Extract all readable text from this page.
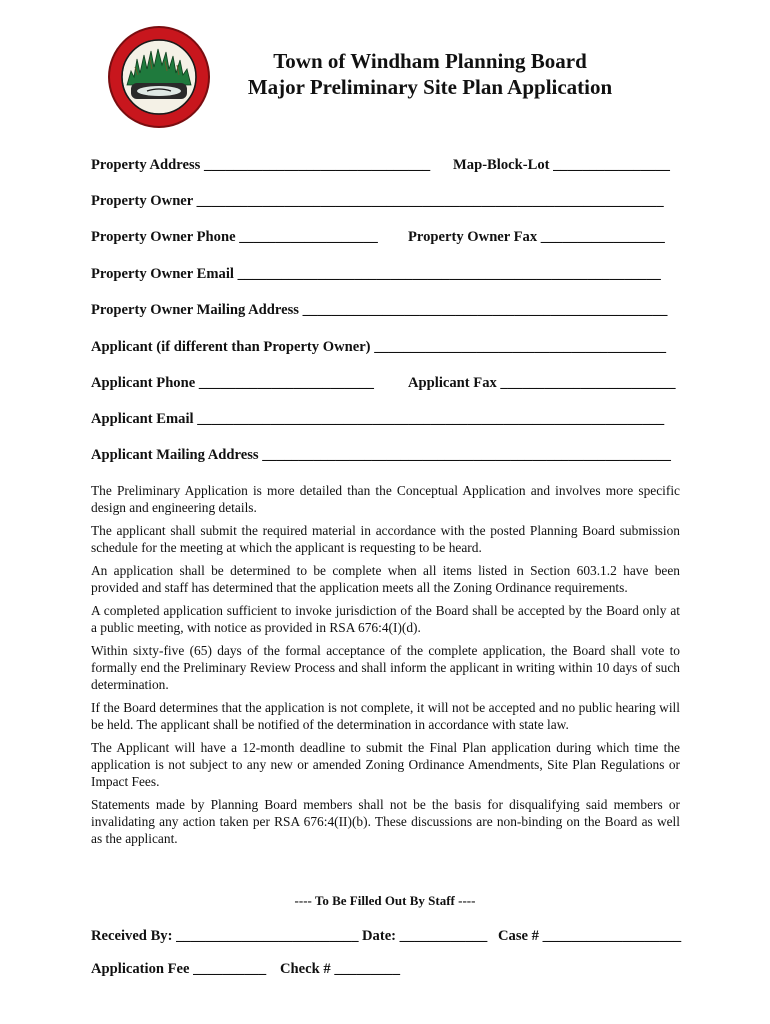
Town of Windham Planning Board
Major Preliminary Site Plan Application
Property Address _______________________________ Map-Block-Lot ________________
Property Owner ________________________________________________________________
Property Owner Phone ___________________ Property Owner Fax _________________
Property Owner Email __________________________________________________________
Property Owner Mailing Address __________________________________________________
Applicant (if different than Property Owner) ________________________________________
Applicant Phone ________________________ Applicant Fax ________________________
Applicant Email ________________________________________________________________
Applicant Mailing Address ________________________________________________________

The Preliminary Application is more detailed than the Conceptual Application and involves more specific design and engineering details.

The applicant shall submit the required material in accordance with the posted Planning Board submission schedule for the meeting at which the applicant is requesting to be heard.

An application shall be determined to be complete when all items listed in Section 603.1.2 have been provided and staff has determined that the application meets all the Zoning Ordinance requirements.

A completed application sufficient to invoke jurisdiction of the Board shall be accepted by the Board only at a public meeting, with notice as provided in RSA 676:4(I)(d).

Within sixty-five (65) days of the formal acceptance of the complete application, the Board shall vote to formally end the Preliminary Review Process and shall inform the applicant in writing within 10 days of such determination.

If the Board determines that the application is not complete, it will not be accepted and no public hearing will be held. The applicant shall be notified of the determination in accordance with state law.

The Applicant will have a 12-month deadline to submit the Final Plan application during which time the application is not subject to any new or amended Zoning Ordinance Amendments, Site Plan Regulations or Impact Fees.

Statements made by Planning Board members shall not be the basis for disqualifying said members or invalidating any action taken per RSA 676:4(II)(b). These discussions are non-binding on the Board as well as the applicant.

---- To Be Filled Out By Staff ----
Received By: _________________________ Date: ____________ Case # ___________________
Application Fee __________ Check # _________
